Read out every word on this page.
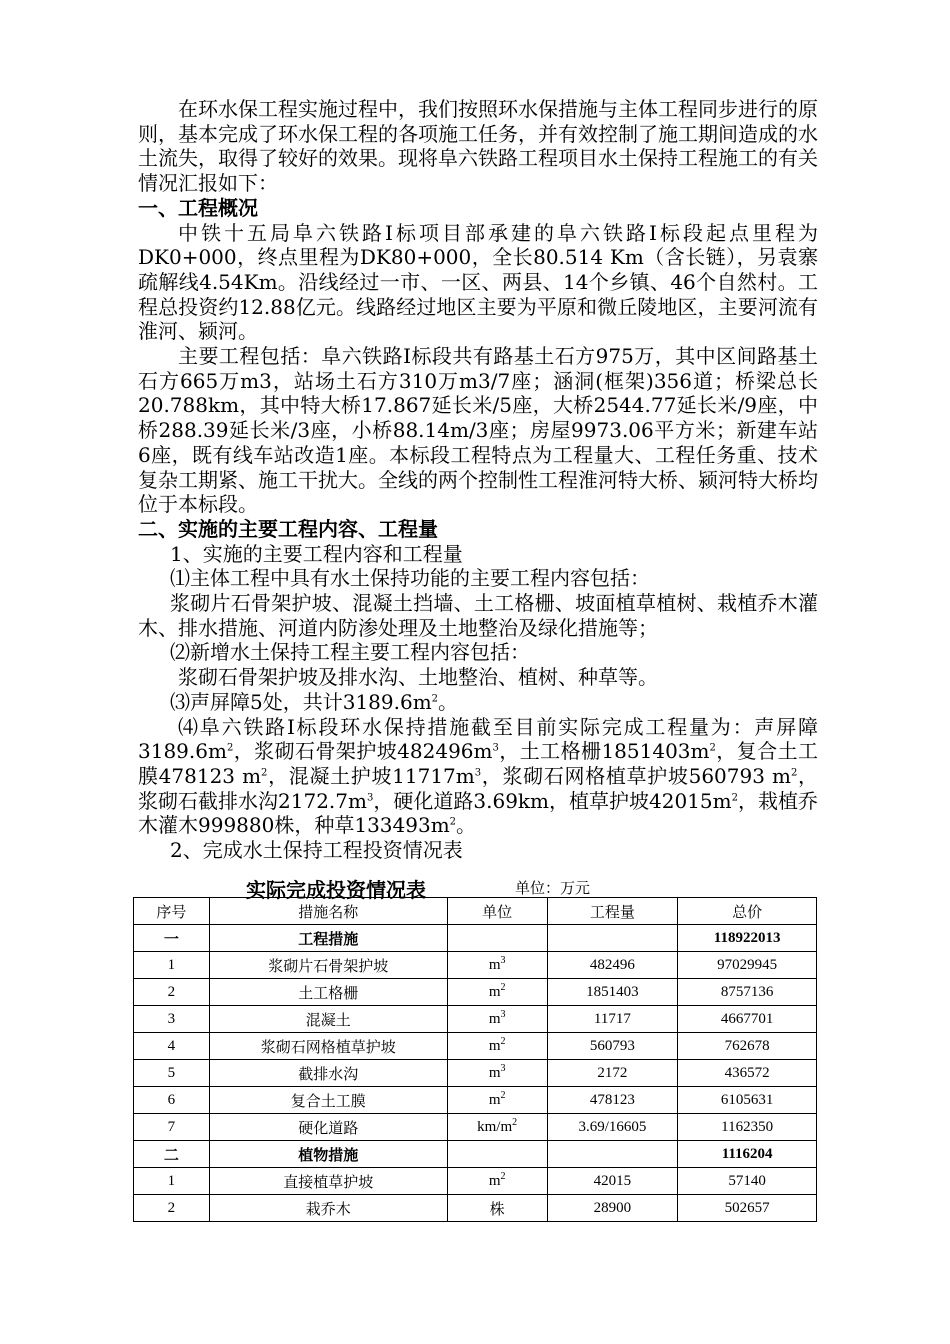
在环水保工程实施过程中，我们按照环水保措施与主体工程同步进行的原则，基本完成了环水保工程的各项施工任务，并有效控制了施工期间造成的水土流失，取得了较好的效果。现将阜六铁路工程项目水土保持工程施工的有关情况汇报如下：

一、工程概况

中铁十五局阜六铁路Ⅰ标项目部承建的阜六铁路Ⅰ标段起点里程为DK0+000，终点里程为DK80+000，全长80.514 Km（含长链），另袁寨疏解线4.54Km。沿线经过一市、一区、两县、14个乡镇、46个自然村。工程总投资约12.88亿元。线路经过地区主要为平原和微丘陵地区，主要河流有淮河、颍河。

主要工程包括：阜六铁路Ⅰ标段共有路基土石方975万，其中区间路基土石方665万m3，站场土石方310万m3/7座；涵洞(框架)356道；桥梁总长20.788km，其中特大桥17.867延长米/5座，大桥2544.77延长米/9座，中桥288.39延长米/3座，小桥88.14m/3座；房屋9973.06平方米；新建车站6座，既有线车站改造1座。本标段工程特点为工程量大、工程任务重、技术复杂工期紧、施工干扰大。全线的两个控制性工程淮河特大桥、颍河特大桥均位于本标段。

二、实施的主要工程内容、工程量

1、实施的主要工程内容和工程量

⑴主体工程中具有水土保持功能的主要工程内容包括：

浆砌片石骨架护坡、混凝土挡墙、土工格栅、坡面植草植树、栽植乔木灌木、排水措施、河道内防渗处理及土地整治及绿化措施等；

⑵新增水土保持工程主要工程内容包括：

浆砌石骨架护坡及排水沟、土地整治、植树、种草等。

⑶声屏障5处，共计$3189.6m^2$。

⑷阜六铁路Ⅰ标段环水保持措施截至目前实际完成工程量为：声屏障$3189.6m^2$，浆砌石骨架护坡$482496m^3$，土工格栅$1851403m^2$，复合土工膜478123 $m^2$，混凝土护坡$11717m^3$，浆砌石网格植草护坡560793 $m^2$，浆砌石截排水沟$2172.7m^3$，硬化道路3.69km，植草护坡$42015m^2$，栽植乔木灌木999880株，种草$133493m^2$。

2、完成水土保持工程投资情况表

实际完成投资情况表	单位：万元
序号	措施名称	单位	工程量	总价
一	工程措施			118922013
1	浆砌片石骨架护坡	$m^3$	482496	97029945
2	土工格栅	$m^2$	1851403	8757136
3	混凝土	$m^3$	11717	4667701
4	浆砌石网格植草护坡	$m^2$	560793	762678
5	截排水沟	$m^3$	2172	436572
6	复合土工膜	$m^2$	478123	6105631
7	硬化道路	$km/m^2$	3.69/16605	1162350
二	植物措施			1116204
1	直接植草护坡	$m^2$	42015	57140
2	栽乔木	株	28900	502657
